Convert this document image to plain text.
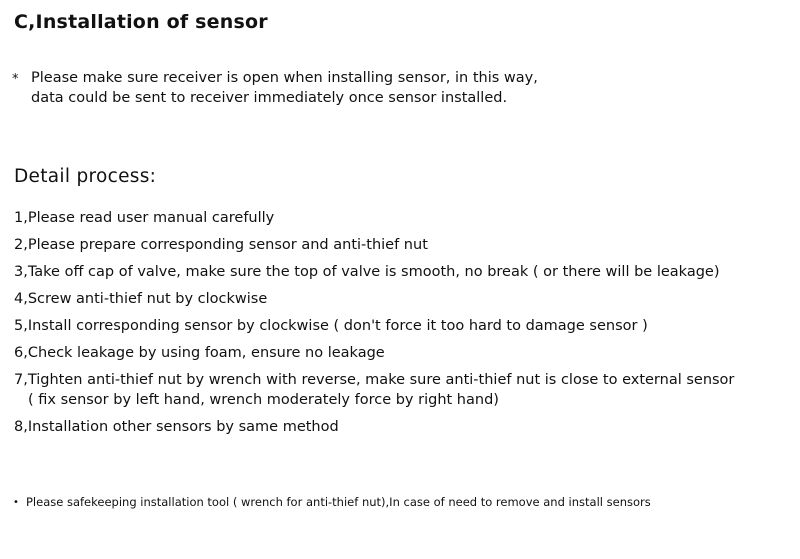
C,Installation of sensor
* Please make sure receiver is open when installing sensor, in this way,
data could be sent to receiver immediately once sensor installed.
Detail process:
1,Please read user manual carefully
2,Please prepare corresponding sensor and anti-thief nut
3,Take off cap of valve, make sure the top of valve is smooth, no break ( or there will be leakage)
4,Screw anti-thief nut by clockwise
5,Install corresponding sensor by clockwise ( don't force it too hard to damage sensor )
6,Check leakage by using foam, ensure no leakage
7,Tighten anti-thief nut by wrench with reverse, make sure anti-thief nut is close to external sensor
( fix sensor by left hand, wrench moderately force by right hand)
8,Installation other sensors by same method
• Please safekeeping installation tool ( wrench for anti-thief nut),In case of need to remove and install sensors
